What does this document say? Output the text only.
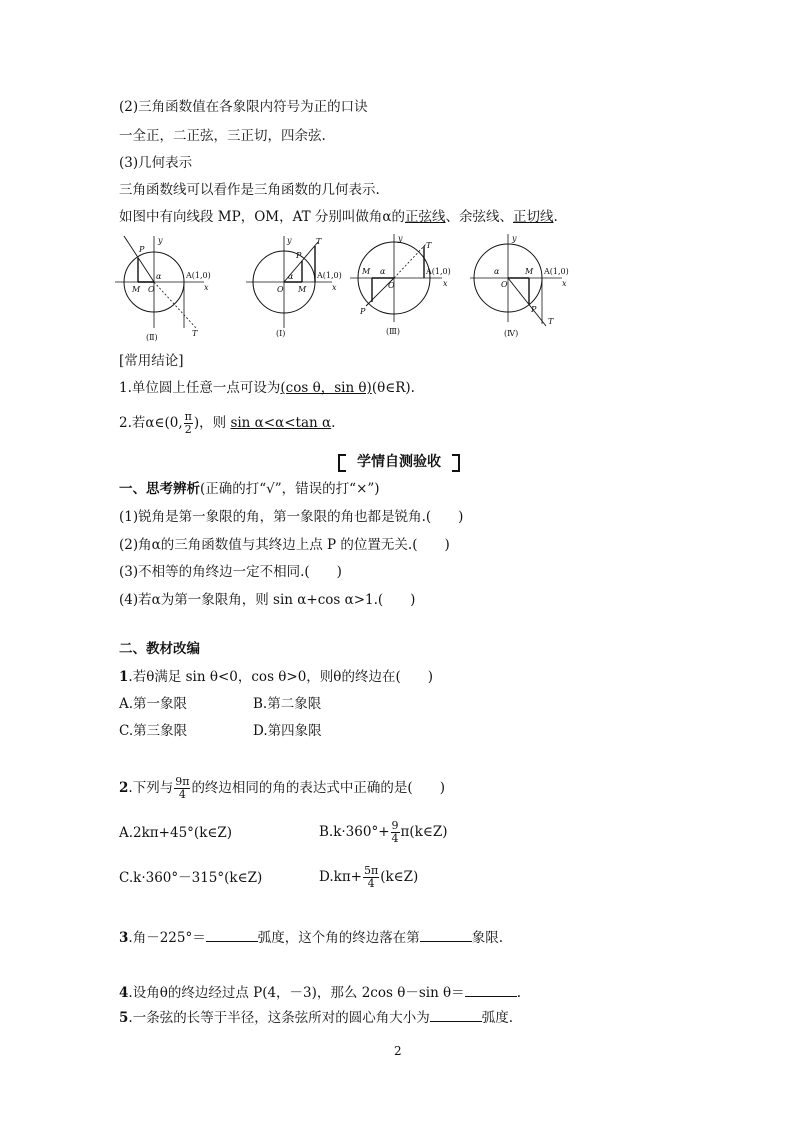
(2)三角函数值在各象限内符号为正的口诀
一全正，二正弦，三正切，四余弦.
(3)几何表示
三角函数线可以看作是三角函数的几何表示.
如图中有向线段 MP，OM，AT 分别叫做角α的正弦线、余弦线、正切线.
y
x
P
T
M O
α	A(1,0)
(Ⅱ)
y
x
P
T
M
O
α	A(1,0)
(Ⅰ)
y
x
P
T
M
O
α	A(1,0)
(Ⅲ)
y
x
P
T
M
O
α	A(1,0)
(Ⅳ)
[常用结论]
1.单位圆上任意一点可设为(cos θ，sin θ)(θ∈R).
2.若α∈(0, $\frac{\pi}{2}$ )，则 sin α<α<tan α.
学情自测验收
一、思考辨析(正确的打“√”，错误的打“×”)
(1)锐角是第一象限的角，第一象限的角也都是锐角.(　　)
(2)角α的三角函数值与其终边上点 P 的位置无关.(　　)
(3)不相等的角终边一定不相同.(　　)
(4)若α为第一象限角，则 sin α+cos α>1.(　　)
二、教材改编
1.若θ满足 sin θ<0，cos θ>0，则θ的终边在(　　)
A.第一象限	B.第二象限
C.第三象限	D.第四象限
2.下列与 $\frac{9\pi}{4}$ 的终边相同的角的表达式中正确的是(　　)
A.2kπ+45°(k∈Z)	$B.k\cdot 360^\circ+ \frac{9}{4}$ π(k∈Z)
C.k·360°－315°(k∈Z)	$D.k\pi+ \frac{5\pi}{4}$ (k∈Z)
3.角－225°＝	弧度，这个角的终边落在第	象限.
4.设角θ的终边经过点 P(4，－3)，那么 2cos θ－sin θ＝	.
5.一条弦的长等于半径，这条弦所对的圆心角大小为	弧度.
2
